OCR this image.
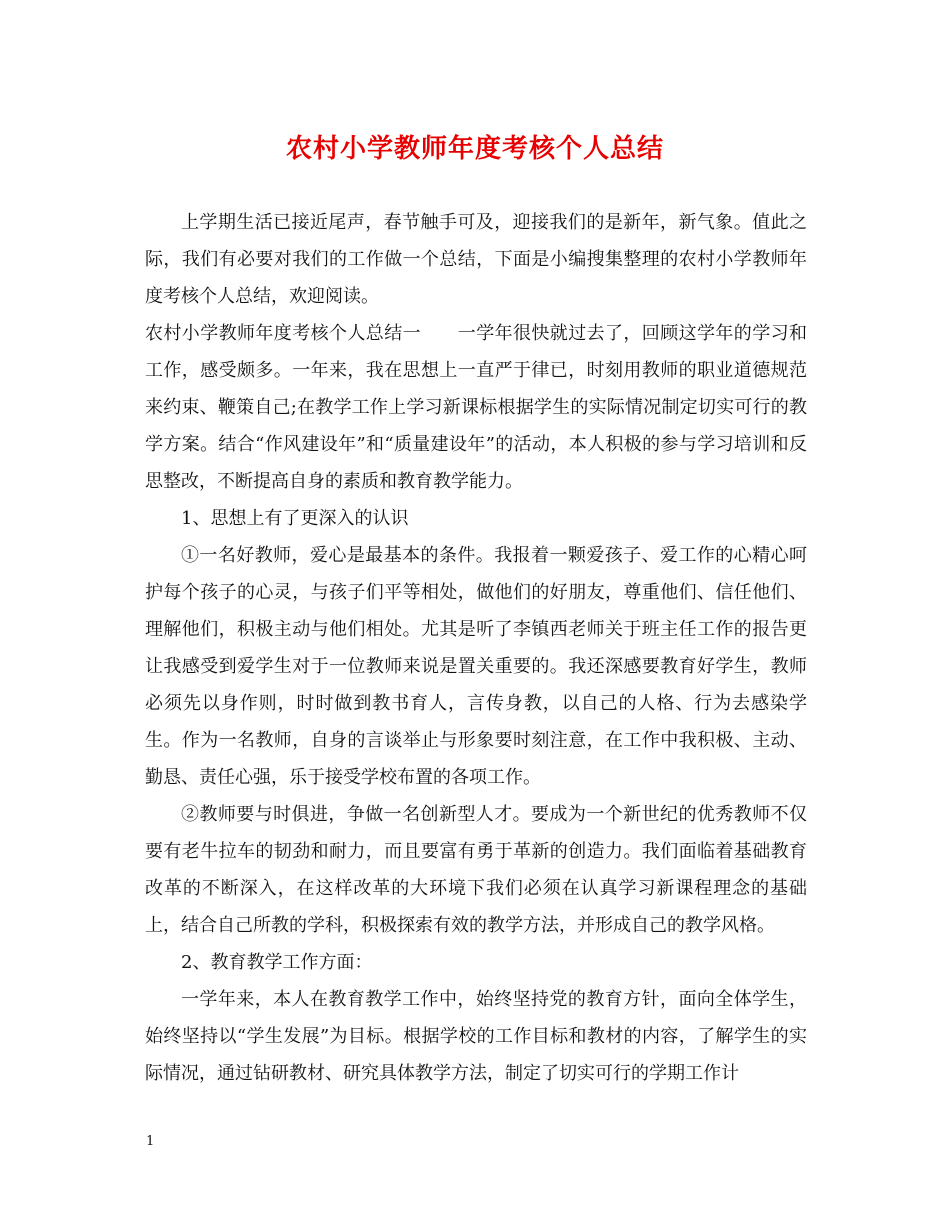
农村小学教师年度考核个人总结

上学期生活已接近尾声，春节触手可及，迎接我们的是新年，新气象。值此之际，我们有必要对我们的工作做一个总结，下面是小编搜集整理的农村小学教师年度考核个人总结，欢迎阅读。

农村小学教师年度考核个人总结一　　一学年很快就过去了，回顾这学年的学习和工作，感受颇多。一年来，我在思想上一直严于律已，时刻用教师的职业道德规范来约束、鞭策自己;在教学工作上学习新课标根据学生的实际情况制定切实可行的教学方案。结合“作风建设年”和“质量建设年”的活动，本人积极的参与学习培训和反思整改，不断提高自身的素质和教育教学能力。

1、思想上有了更深入的认识

①一名好教师，爱心是最基本的条件。我报着一颗爱孩子、爱工作的心精心呵护每个孩子的心灵，与孩子们平等相处，做他们的好朋友，尊重他们、信任他们、理解他们，积极主动与他们相处。尤其是听了李镇西老师关于班主任工作的报告更让我感受到爱学生对于一位教师来说是置关重要的。我还深感要教育好学生，教师必须先以身作则，时时做到教书育人，言传身教，以自己的人格、行为去感染学生。作为一名教师，自身的言谈举止与形象要时刻注意，在工作中我积极、主动、勤恳、责任心强，乐于接受学校布置的各项工作。

②教师要与时俱进，争做一名创新型人才。要成为一个新世纪的优秀教师不仅要有老牛拉车的韧劲和耐力，而且要富有勇于革新的创造力。我们面临着基础教育改革的不断深入，在这样改革的大环境下我们必须在认真学习新课程理念的基础上，结合自己所教的学科，积极探索有效的教学方法，并形成自己的教学风格。

2、教育教学工作方面：

一学年来，本人在教育教学工作中，始终坚持党的教育方针，面向全体学生，始终坚持以“学生发展”为目标。根据学校的工作目标和教材的内容，了解学生的实际情况，通过钻研教材、研究具体教学方法，制定了切实可行的学期工作计

1
